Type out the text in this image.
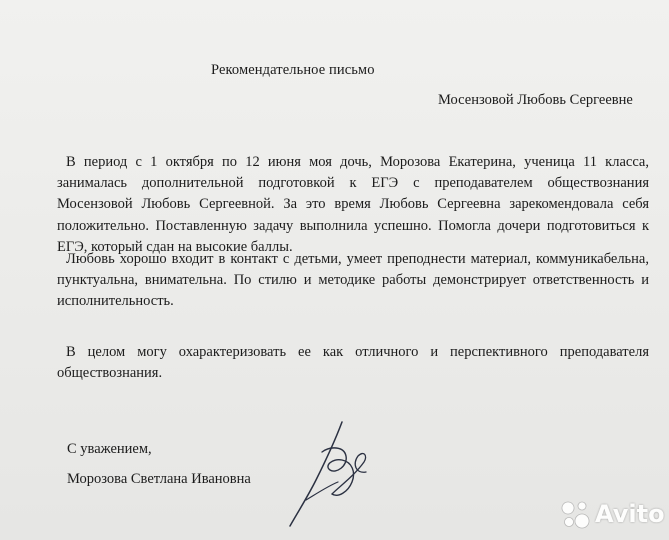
Рекомендательное письмо
Мосензовой Любовь Сергеевне
В период с 1 октября по 12 июня моя дочь, Морозова Екатерина, ученица 11 класса, занималась дополнительной подготовкой к ЕГЭ с преподавателем обществознания Мосензовой Любовь Сергеевной. За это время Любовь Сергеевна зарекомендовала себя положительно. Поставленную задачу выполнила успешно. Помогла дочери подготовиться к ЕГЭ, который сдан на высокие баллы.
Любовь хорошо входит в контакт с детьми, умеет преподнести материал, коммуникабельна, пунктуальна, внимательна. По стилю и методике работы демонстрирует ответственность и исполнительность.
В целом могу охарактеризовать ее как отличного и перспективного преподавателя обществознания.
С уважением,
Морозова Светлана Ивановна
Avito
